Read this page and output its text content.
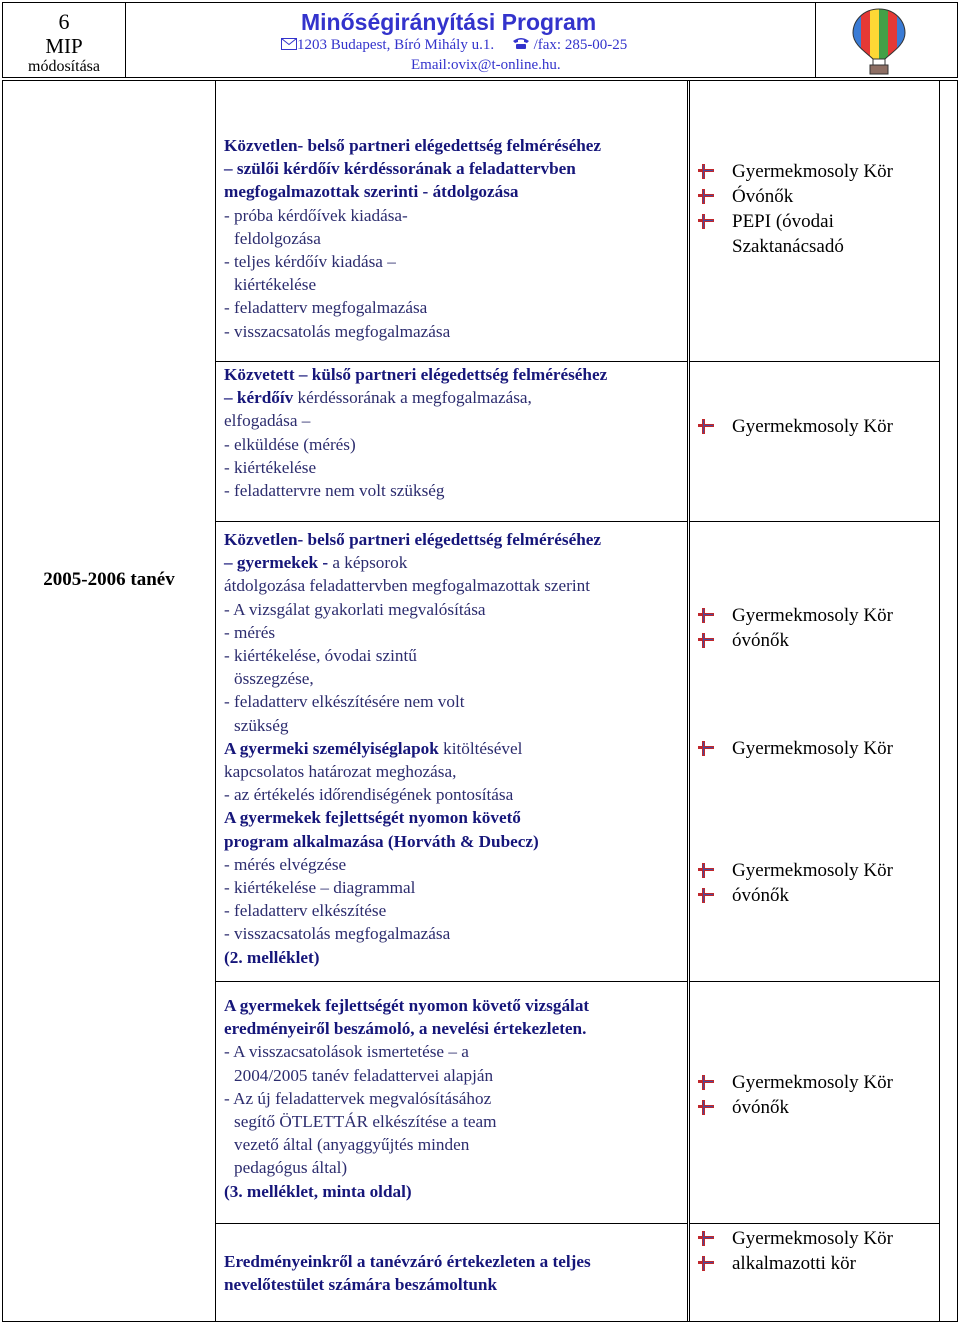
6
MIP
módosítása
Minőségirányítási Program
1203 Budapest, Bíró Mihály u.1.	/fax: 285-00-25
Email:ovix@t-online.hu.
2005-2006 tanév

Közvetlen- belső partneri elégedettség felméréséhez

– szülői kérdőív kérdéssorának a feladattervben

megfogalmazottak szerinti - átdolgozása

- próba kérdőívek kiadása-

feldolgozása

- teljes kérdőív kiadása –

kiértékelése

- feladatterv megfogalmazása

- visszacsatolás megfogalmazása

Gyermekmosoly Kör
Óvónők
PEPI (óvodai
Szaktanácsadó

Közvetett – külső partneri elégedettség felméréséhez

– kérdőív kérdéssorának a megfogalmazása,

elfogadása –

- elküldése (mérés)

- kiértékelése

- feladattervre nem volt szükség

Gyermekmosoly Kör

Közvetlen- belső partneri elégedettség felméréséhez

– gyermekek - a képsorok

átdolgozása feladattervben megfogalmazottak szerint

- A vizsgálat gyakorlati megvalósítása

- mérés

- kiértékelése, óvodai szintű

összegzése,

- feladatterv elkészítésére nem volt

szükség

A gyermeki személyiséglapok kitöltésével

kapcsolatos határozat meghozása,

- az értékelés időrendiségének pontosítása

A gyermekek fejlettségét nyomon követő

program alkalmazása (Horváth & Dubecz)

- mérés elvégzése

- kiértékelése – diagrammal

- feladatterv elkészítése

- visszacsatolás megfogalmazása

(2. melléklet)

Gyermekmosoly Kör
óvónők
Gyermekmosoly Kör
Gyermekmosoly Kör
óvónők

A gyermekek fejlettségét nyomon követő vizsgálat

eredményeiről beszámoló, a nevelési értekezleten.

- A visszacsatolások ismertetése – a

2004/2005 tanév feladattervei alapján

- Az új feladattervek megvalósításához

segítő ÖTLETTÁR elkészítése a team

vezető által (anyaggyűjtés minden

pedagógus által)

(3. melléklet, minta oldal)

Gyermekmosoly Kör
óvónők

Eredményeinkről a tanévzáró értekezleten a teljes

nevelőtestület számára beszámoltunk

Gyermekmosoly Kör
alkalmazotti kör
